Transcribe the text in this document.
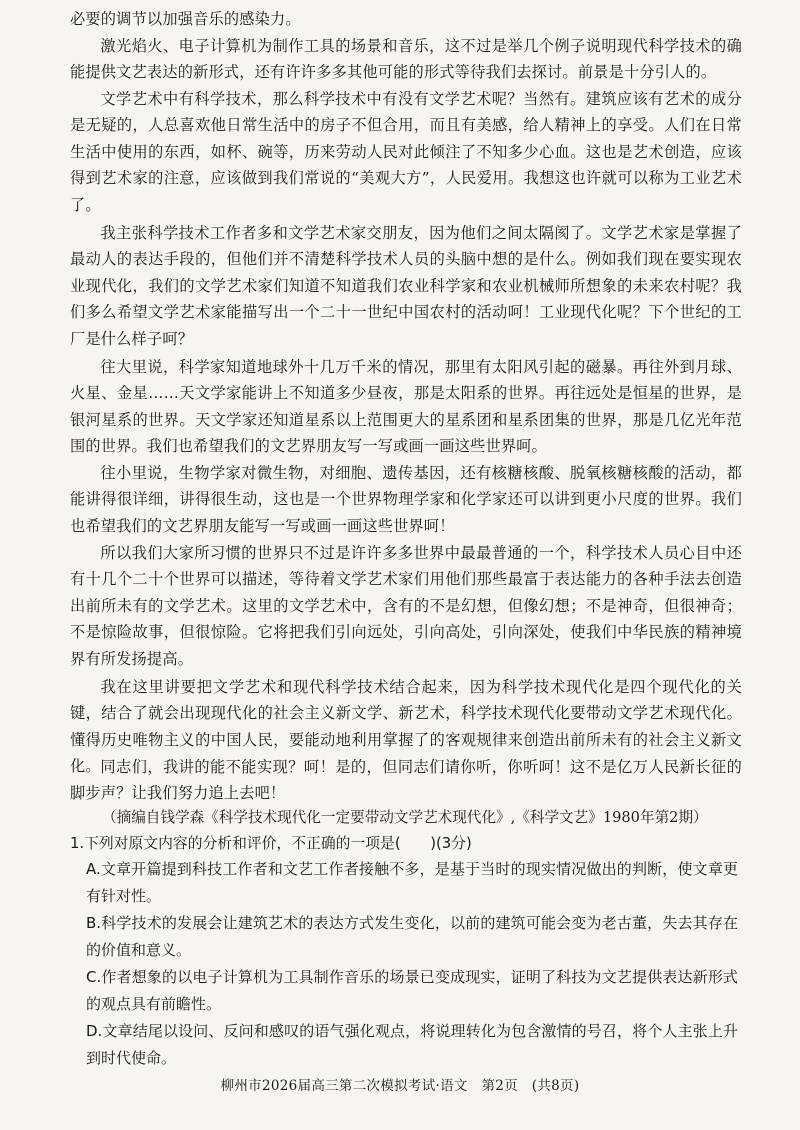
必要的调节以加强音乐的感染力。

激光焰火、电子计算机为制作工具的场景和音乐，这不过是举几个例子说明现代科学技术的确能提供文艺表达的新形式，还有许许多多其他可能的形式等待我们去探讨。前景是十分引人的。

文学艺术中有科学技术，那么科学技术中有没有文学艺术呢？当然有。建筑应该有艺术的成分是无疑的，人总喜欢他日常生活中的房子不但合用，而且有美感，给人精神上的享受。人们在日常生活中使用的东西，如杯、碗等，历来劳动人民对此倾注了不知多少心血。这也是艺术创造，应该得到艺术家的注意，应该做到我们常说的“美观大方”，人民爱用。我想这也许就可以称为工业艺术了。

我主张科学技术工作者多和文学艺术家交朋友，因为他们之间太隔阂了。文学艺术家是掌握了最动人的表达手段的，但他们并不清楚科学技术人员的头脑中想的是什么。例如我们现在要实现农业现代化，我们的文学艺术家们知道不知道我们农业科学家和农业机械师所想象的未来农村呢？我们多么希望文学艺术家能描写出一个二十一世纪中国农村的活动呵！工业现代化呢？下个世纪的工厂是什么样子呵？

往大里说，科学家知道地球外十几万千米的情况，那里有太阳风引起的磁暴。再往外到月球、火星、金星……天文学家能讲上不知道多少昼夜，那是太阳系的世界。再往远处是恒星的世界，是银河星系的世界。天文学家还知道星系以上范围更大的星系团和星系团集的世界，那是几亿光年范围的世界。我们也希望我们的文艺界朋友写一写或画一画这些世界呵。

往小里说，生物学家对微生物，对细胞、遗传基因，还有核糖核酸、脱氧核糖核酸的活动，都能讲得很详细，讲得很生动，这也是一个世界物理学家和化学家还可以讲到更小尺度的世界。我们也希望我们的文艺界朋友能写一写或画一画这些世界呵！

所以我们大家所习惯的世界只不过是许许多多世界中最最普通的一个，科学技术人员心目中还有十几个二十个世界可以描述，等待着文学艺术家们用他们那些最富于表达能力的各种手法去创造出前所未有的文学艺术。这里的文学艺术中，含有的不是幻想，但像幻想；不是神奇，但很神奇；不是惊险故事，但很惊险。它将把我们引向远处，引向高处，引向深处，使我们中华民族的精神境界有所发扬提高。

我在这里讲要把文学艺术和现代科学技术结合起来，因为科学技术现代化是四个现代化的关键，结合了就会出现现代化的社会主义新文学、新艺术，科学技术现代化要带动文学艺术现代化。懂得历史唯物主义的中国人民，要能动地利用掌握了的客观规律来创造出前所未有的社会主义新文化。 同志们，我讲的能不能实现？呵！是的，但同志们请你听，你听呵！这不是亿万人民新长征的脚步声？让我们努力追上去吧！

（摘编自钱学森《科学技术现代化一定要带动文学艺术现代化》,《科学文艺》1980年第2期）

1.下列对原文内容的分析和评价，不正确的一项是(　　)(3分)

A.文章开篇提到科技工作者和文艺工作者接触不多，是基于当时的现实情况做出的判断，使文章更有针对性。

B.科学技术的发展会让建筑艺术的表达方式发生变化，以前的建筑可能会变为老古董，失去其存在的价值和意义。

C.作者想象的以电子计算机为工具制作音乐的场景已变成现实，证明了科技为文艺提供表达新形式的观点具有前瞻性。

D.文章结尾以设问、反问和感叹的语气强化观点，将说理转化为包含激情的号召，将个人主张上升到时代使命。

柳州市2026届高三第二次模拟考试·语文　第2页　(共8页)
